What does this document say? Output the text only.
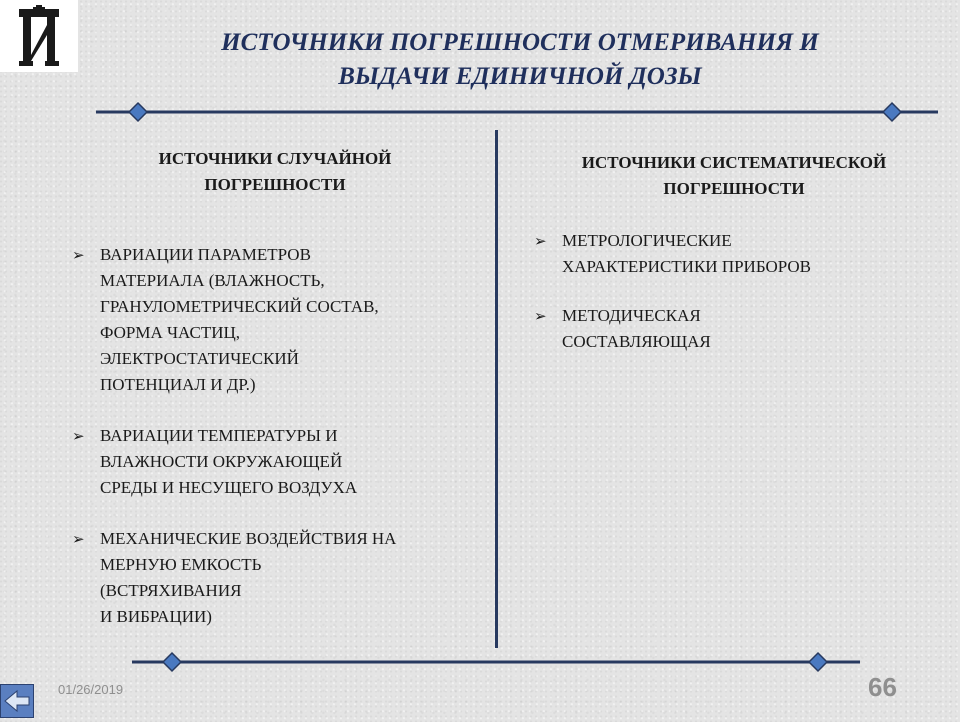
ИСТОЧНИКИ ПОГРЕШНОСТИ ОТМЕРИВАНИЯ И
ВЫДАЧИ ЕДИНИЧНОЙ ДОЗЫ
ИСТОЧНИКИ СЛУЧАЙНОЙ
ПОГРЕШНОСТИ
➢ ВАРИАЦИИ ПАРАМЕТРОВ
МАТЕРИАЛА (ВЛАЖНОСТЬ,
ГРАНУЛОМЕТРИЧЕСКИЙ СОСТАВ,
ФОРМА ЧАСТИЦ,
ЭЛЕКТРОСТАТИЧЕСКИЙ
ПОТЕНЦИАЛ И ДР.)
➢ ВАРИАЦИИ ТЕМПЕРАТУРЫ И
ВЛАЖНОСТИ ОКРУЖАЮЩЕЙ
СРЕДЫ И НЕСУЩЕГО ВОЗДУХА
➢ МЕХАНИЧЕСКИЕ ВОЗДЕЙСТВИЯ НА
МЕРНУЮ ЕМКОСТЬ
(ВСТРЯХИВАНИЯ
И ВИБРАЦИИ)
ИСТОЧНИКИ СИСТЕМАТИЧЕСКОЙ
ПОГРЕШНОСТИ
➢ МЕТРОЛОГИЧЕСКИЕ
ХАРАКТЕРИСТИКИ ПРИБОРОВ
➢ МЕТОДИЧЕСКАЯ
СОСТАВЛЯЮЩАЯ
01/26/2019	66
